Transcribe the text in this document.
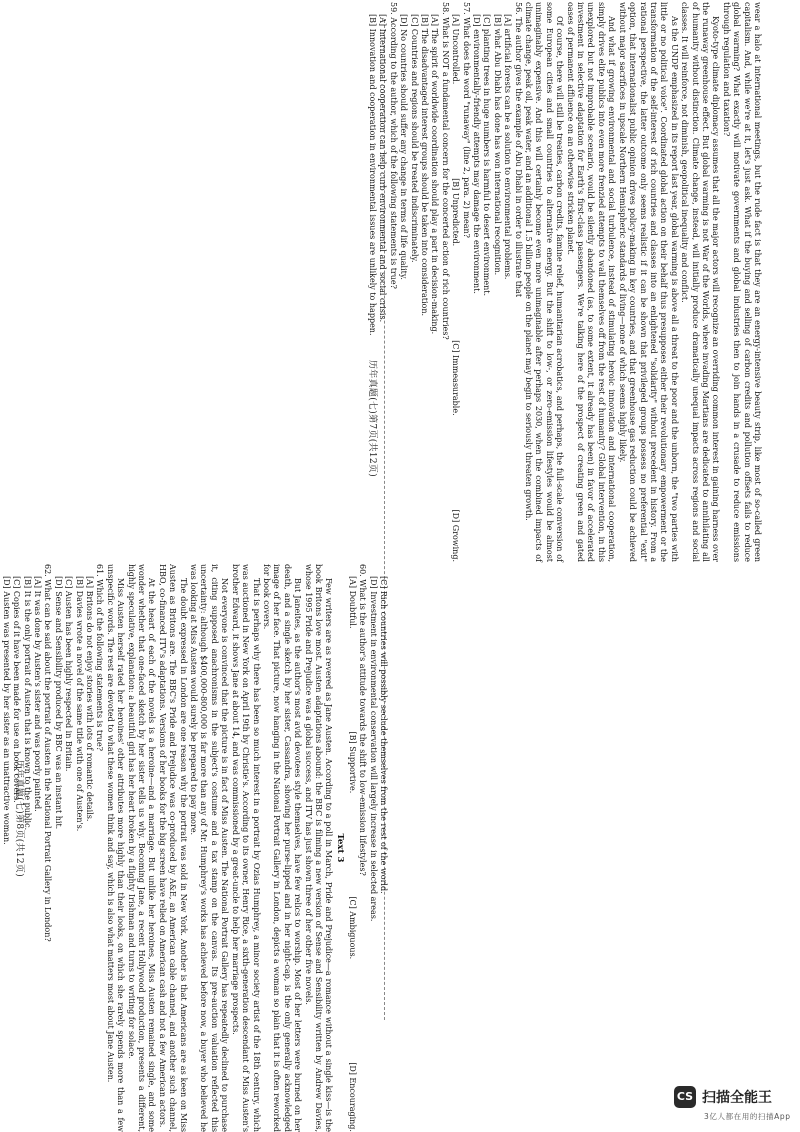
wear a halo at international meetings, but the rude fact is that they are an energy-intensive beauty strip, like most of so-called green capitalism. And, while we're at it, let's just ask. What if the buying and selling of carbon credits and pollution offsets fails to reduce global warming? What exactly will motivate governments and global industries then to join hands in a crusade to reduce emissions through regulation and taxation?

Kyoto-type climate diplomacy assumes that all the major actors will recognize an overriding common interest in gaining harness over the runaway greenhouse effect. But global warming is not War of the Worlds, where invading Martians are dedicated to annihilating all of humanity without distinction. Climate change, instead, will initially produce dramatically unequal impacts across regions and social classes. It will reinforce, not diminish, geopolitical inequality and conflict.

As the UNDP emphasized in its report last year, global warming is above all a threat to the poor and the unborn, the "two parties with little or no political voice". Coordinated global action on their behalf thus presupposes either their revolutionary empowerment or the transformation of the self-interest of rich countries and classes into an enlightened "solidarity" without precedent in history. From a rational perspective, the latter outcome only seems realistic if it can be shown that privileged groups possess no preferential "exit" option, that internationalist public opinion drives policy-making in key countries, and that greenhouse gas reduction could be achieved without major sacrifices in upscale Northern Hemispheric standards of living—none of which seems highly likely.

And what if growing environmental and social turbulence, instead of stimulating heroic innovation and international cooperation, simply drives elite publics into even more frenzied attempts to wall themselves off from the rest of humanity? Global intervention, in this unexplored but not improbable scenario, would be silently abandoned (as, to some extent, it already has been) in favor of accelerated investment in selective adaptation for Earth's first-class passengers. We're talking here of the prospect of creating green and gated oases of permanent affluence on an otherwise stricken planet.

Of course, there will still be treaties, carbon credits, famine relief, humanitarian acrobatics, and perhaps, the full-scale conversion of some European cities and small countries to alternative energy. But the shift to low-, or zero-emission lifestyles would be almost unimaginably expensive. And this will certainly become even more unimaginable after perhaps 2030, when the combined impacts of climate change, peak oil, peak water, and an additional 1.5 billion people on the planet may begin to seriously threaten growth.

56. The author gives the example of Abu Dhabi in order to illustrate that

[A] artificial forests can be a solution to environmental problems.

[B] what Abu Dhabi has done has won international recognition.

[C] planting trees in huge numbers is harmful to desert environment.

[D] environmentally-friendly attempts may damage the environment.

57. What does the word "runaway" (line 2, para. 2) mean?

[A] Uncontrolled.
[B] Unpredicted.
[C] Immeasurable.
[D] Growing.

58. What is NOT a fundamental concern for the concerted action of rich countries?

[A] The spirit of worldwide coordination should play a part in decision-making.

[B] The disadvantaged interest groups should be taken into consideration.

[C] Countries and regions should be treated indiscriminately.

[D] No countries should suffer any change in terms of life quality.

59. According to the author, which of the following statements is true?

[A] International cooperation can help curb environmental and social crisis.

[B] Innovation and cooperation in environmental issues are unlikely to happen.

历年真题(七)第7页(共12页)

[C] Rich countries will possibly seclude themselves from the rest of the world.

[D] Investment in environmental conservation will largely increase in selected areas.

60. What is the author's attitude towards the shift to low-emission lifestyles?

[A] Doubtful.
[B] Supportive.
[C] Ambiguous.
[D] Encouraging.

Text 3

Few writers are as revered as Jane Austen. According to a poll in March, Pride and Prejudice—a romance without a single kiss—is the book Britons love most. Austen adaptations abound: the BBC is filming a new version of Sense and Sensibility written by Andrew Davies, whose 1995 Pride and Prejudice was a global success, and ITV has just shown three of her other five novels.

But Janeites, as the author's most avid devotees style themselves, have few relics to worship. Most of her letters were burned on her death, and a single sketch by her sister, Cassandra, showing her purse-lipped and in her night-cap, is the only generally acknowledged image of her face. That picture, now hanging in the National Portrait Gallery in London, depicts a woman so plain that it is often reworked for book covers.

That is perhaps why there has been so much interest in a portrait by Ozias Humphrey, a minor society artist of the 18th century, which was auctioned in New York on April 19th by Christie's. According to its owner, Henry Rice, a sixth-generation descendant of Miss Austen's brother Edward, it shows Jane at about 14, and was commissioned by a great-uncle to help her marriage prospects.

Not everyone is convinced that the picture is in fact of Miss Austen. The National Portrait Gallery has repeatedly declined to purchase it, citing supposed anachronisms in the subject's costume and a tax stamp on the canvas. Its pre-auction valuation reflected this uncertainty: although $400,000-800,000 is far more than any of Mr. Humphrey's works has achieved before now, a buyer who believed he was looking at Miss Austen would surely be prepared to pay more.

The doubt expressed in London are one reason why the portrait was sold in New York. Another is that Americans are as keen on Miss Austen as Britons are. The BBC's Pride and Prejudice was co-produced by A&E, an American cable channel, and another such channel, HBO, co-financed ITV's adaptations. Versions of her books for the big screen have relied on American cash and not a few American actors.

At the heart of each of the novels is a heroine—and a marriage. But unlike her heroines, Miss Austen remained single, and some wonder whether that one-faced sketch by her sister tells us why. Becoming Jane, a recent Hollywood production, presents a different, highly speculative, explanation: a beautiful girl has her heart broken by a flighty Irishman and turns to writing for solace.

Miss Austen herself rated her heroines' other attributes more highly than their looks, on which she rarely spends more than a few unspecific words. The rest are devoted to what these women think and say, which is also what matters most about Jane Austen.

61. Which of the following statements is true?

[A] Britons do not enjoy stories with lots of romantic details.

[B] Davies wrote a novel of the same title with one of Austen's.

[C] Austen has been highly respected in Britain.

[D] Sense and Sensibility produced by BBC was an instant hit.

62. What can be said about the portrait of Austen in the National Portrait Gallery in London?

[A] It was done by Austen's sister and was poorly painted.

[B] It is the only portrait of Austen that is known to the public.

[C] Copies of it have been made for use on book covers.

[D] Austen was presented by her sister as an unattractive woman. 历年真题(七)第8页(共12页)
CS 扫描全能王
3亿人都在用的扫描App
